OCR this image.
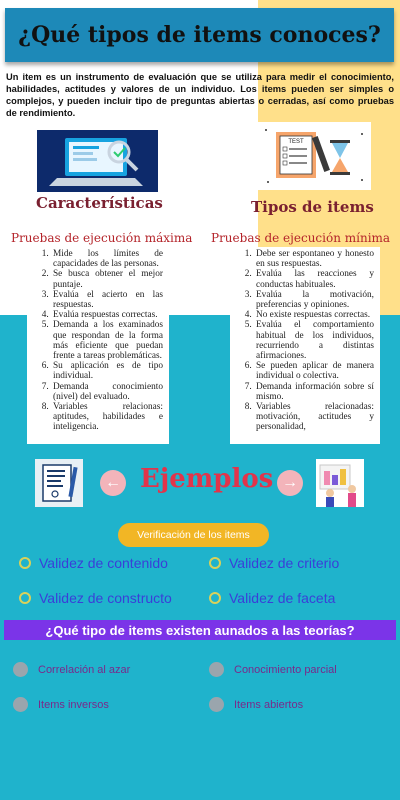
¿Qué tipos de items conoces?
Un item es un instrumento de evaluación que se utiliza para medir el conocimiento, habilidades, actitudes y valores de un individuo. Los items pueden ser simples o complejos, y pueden incluir tipo de preguntas abiertas o cerradas, así como pruebas de rendimiento.
TEST
Características	Tipos de items
Pruebas de ejecución máxima Pruebas de ejecución mínima
1. Mide los límites de capacidades de las personas.
2. Se busca obtener el mejor puntaje.
3. Evalúa el acierto en las respuestas.
4. Evalúa respuestas correctas.
5. Demanda a los examinados que respondan de la forma más eficiente que puedan frente a tareas problemáticas.
6. Su aplicación es de tipo individual.
7. Demanda conocimiento (nivel) del evaluado.
8. Variables relacionas: aptitudes, habilidades e inteligencia.
1. Debe ser espontaneo y honesto en sus respuestas.
2. Evalúa las reacciones y conductas habituales.
3. Evalúa la motivación, preferencias y opiniones.
4. No existe respuestas correctas.
5. Evalúa el comportamiento habitual de los individuos, recurriendo a distintas afirmaciones.
6. Se pueden aplicar de manera individual o colectiva.
7. Demanda información sobre sí mismo.
8. Variables relacionadas: motivación, actitudes y personalidad,
← Ejemplos →
Verificación de los items
Validez de contenido	Validez de criterio
Validez de constructo	Validez de faceta
¿Qué tipo de items existen aunados a las teorías?
Correlación al azar	Conocimiento parcial
Items inversos	Items abiertos
